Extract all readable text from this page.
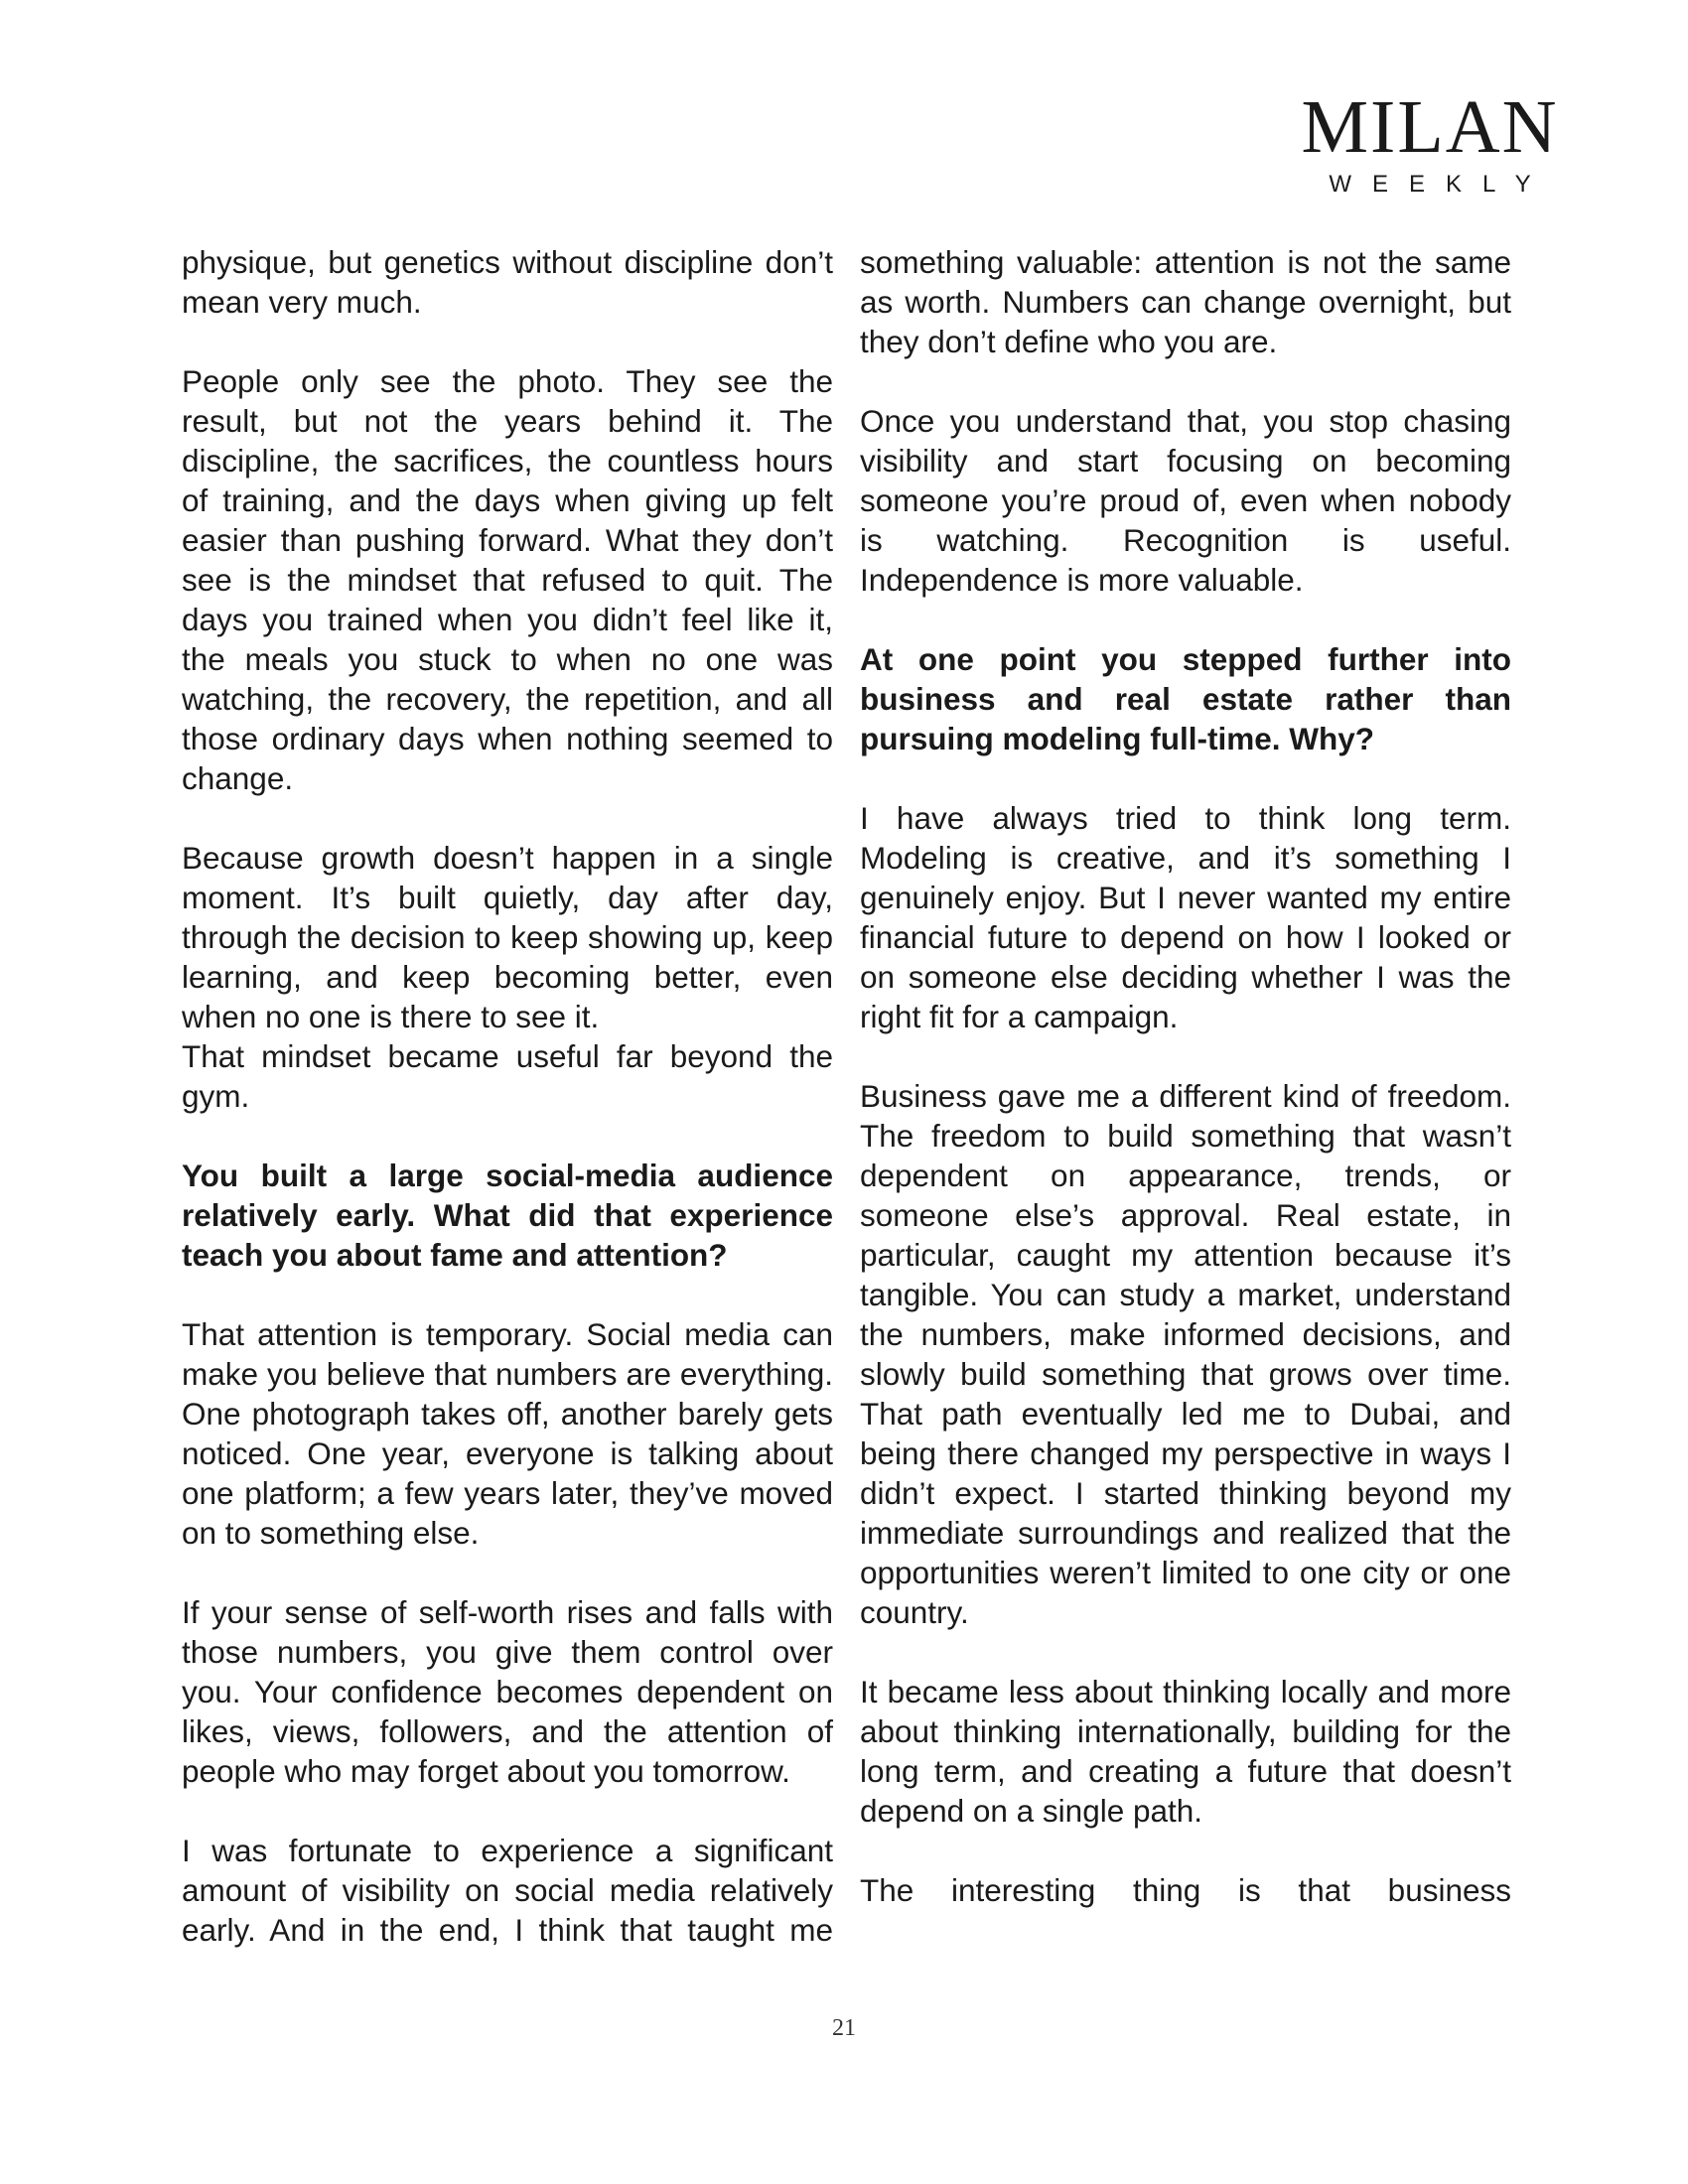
MILAN
WEEKLY

physique, but genetics without discipline don’t mean very much.

People only see the photo. They see the result, but not the years behind it. The discipline, the sacrifices, the countless hours of training, and the days when giving up felt easier than pushing forward. What they don’t see is the mindset that refused to quit. The days you trained when you didn’t feel like it, the meals you stuck to when no one was watching, the recovery, the repetition, and all those ordinary days when nothing seemed to change.

Because growth doesn’t happen in a single moment. It’s built quietly, day after day, through the decision to keep showing up, keep learning, and keep becoming better, even when no one is there to see it.

That mindset became useful far beyond the gym.

You built a large social-media audience relatively early. What did that experience teach you about fame and attention?

That attention is temporary. Social media can make you believe that numbers are everything. One photograph takes off, another barely gets noticed. One year, everyone is talking about one platform; a few years later, they’ve moved on to something else.

If your sense of self-worth rises and falls with those numbers, you give them control over you. Your confidence becomes dependent on likes, views, followers, and the attention of people who may forget about you tomorrow.

I was fortunate to experience a significant amount of visibility on social media relatively early. And in the end, I think that taught me

something valuable: attention is not the same as worth. Numbers can change overnight, but they don’t define who you are.

Once you understand that, you stop chasing visibility and start focusing on becoming someone you’re proud of, even when nobody is watching. Recognition is useful. Independence is more valuable.

At one point you stepped further into business and real estate rather than pursuing modeling full-time. Why?

I have always tried to think long term. Modeling is creative, and it’s something I genuinely enjoy. But I never wanted my entire financial future to depend on how I looked or on someone else deciding whether I was the right fit for a campaign.

Business gave me a different kind of freedom. The freedom to build something that wasn’t dependent on appearance, trends, or someone else’s approval. Real estate, in particular, caught my attention because it’s tangible. You can study a market, understand the numbers, make informed decisions, and slowly build something that grows over time. That path eventually led me to Dubai, and being there changed my perspective in ways I didn’t expect. I started thinking beyond my immediate surroundings and realized that the opportunities weren’t limited to one city or one country.

It became less about thinking locally and more about thinking internationally, building for the long term, and creating a future that doesn’t depend on a single path.

The interesting thing is that business

21
